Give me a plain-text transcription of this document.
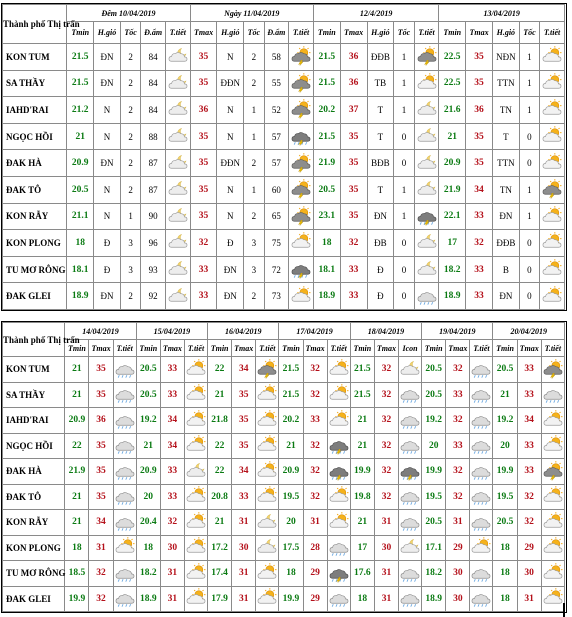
Thành phố Thị trấn	Đêm 10/04/2019					Ngày 11/04/2019					12/4/2019					13/04/2019				
	Tmin	H.gió	Tốc	Đ.ẩm	T.tiết	Tmax	H.gió	Tốc	Đ.ẩm	T.tiết	Tmin	Tmax	H.gió	Tốc	T.tiết	Tmin	Tmax	H.gió	Tốc	T.tiết
KON TUM	21.5	ĐN	2	84		35	N	2	58		21.5	36	ĐĐB	1		22.5	35	NĐN	1	

SA THẦY	21.5	ĐN	2	84		35	ĐĐN	2	55		21.5	36	TB	1		22.5	35	TTN	1	

IAHD'RAI	21.2	N	2	84		36	N	1	52		20.2	37	T	1		21.6	36	TN	1	

NGỌC HỒI	21	N	2	88		35	N	1	57		21.5	35	T	0		21	35	T	0	

ĐAK HÀ	20.9	ĐN	2	87		35	ĐĐN	2	57		21.9	35	BĐB	0		20.9	35	TTN	0	

ĐAK TÔ	20.5	N	2	87		35	N	1	60		20.5	35	T	1		21.9	34	TN	1	

KON RẪY	21.1	N	1	90		35	N	2	65		23.1	35	ĐN	1		22.1	33	ĐN	1	

KON PLONG	18	Đ	3	96		32	Đ	3	75		18	32	ĐB	0		17	32	ĐĐB	0	

TU MƠ RÔNG	18.1	Đ	3	93		33	ĐN	3	72		18.1	33	Đ	0		18.2	33	B	0	

ĐAK GLEI	18.9	ĐN	2	92		33	ĐN	2	73		18.9	33	Đ	0		18.9	33	ĐN	0	
Thành phố Thị trấn	14/04/2019			15/04/2019			16/04/2019			17/04/2019			18/04/2019			19/04/2019			20/04/2019		
	Tmin	Tmax	T.tiết	Tmin	Tmax	T.tiết	Tmin	Tmax	T.tiết	Tmin	Tmax	T.tiết	Tmin	Tmax	Icon	Tmin	Tmax	T.tiết	Tmin	Tmax	T.tiết
KON TUM	21	35		20.5	33		22	34		21.5	32		21.5	32		20.5	32		20.5	33	

SA THẦY	21	35		20.5	33		21	35		21.5	32		21.5	32		20.5	33		21	33	

IAHD'RAI	20.9	36		19.2	34		21.8	35		20.2	33		21	32		19.2	32		19.2	34	

NGỌC HỒI	22	35		21	34		22	35		21	32		21	32		20	33		20	33	

ĐAK HÀ	21.9	35		20.9	33		22	34		20.9	32		19.9	32		19.9	32		19.9	33	

ĐAK TÔ	21	35		20	33		20.8	33		19.5	32		19.8	32		19.5	32		19.5	32	

KON RẪY	21	34		20.4	32		21	31		20	31		21	31		20.5	31		20.5	32	

KON PLONG	18	31		18	30		17.2	30		17.5	28		17	30		17.1	29		18	29	

TU MƠ RÔNG	18.5	32		18.2	31		17.4	31		18	29		17.6	31		18.2	30		18	30	

ĐAK GLEI	19.9	32		18.9	31		17.9	31		19.9	29		18	31		18.9	30		18	31	
